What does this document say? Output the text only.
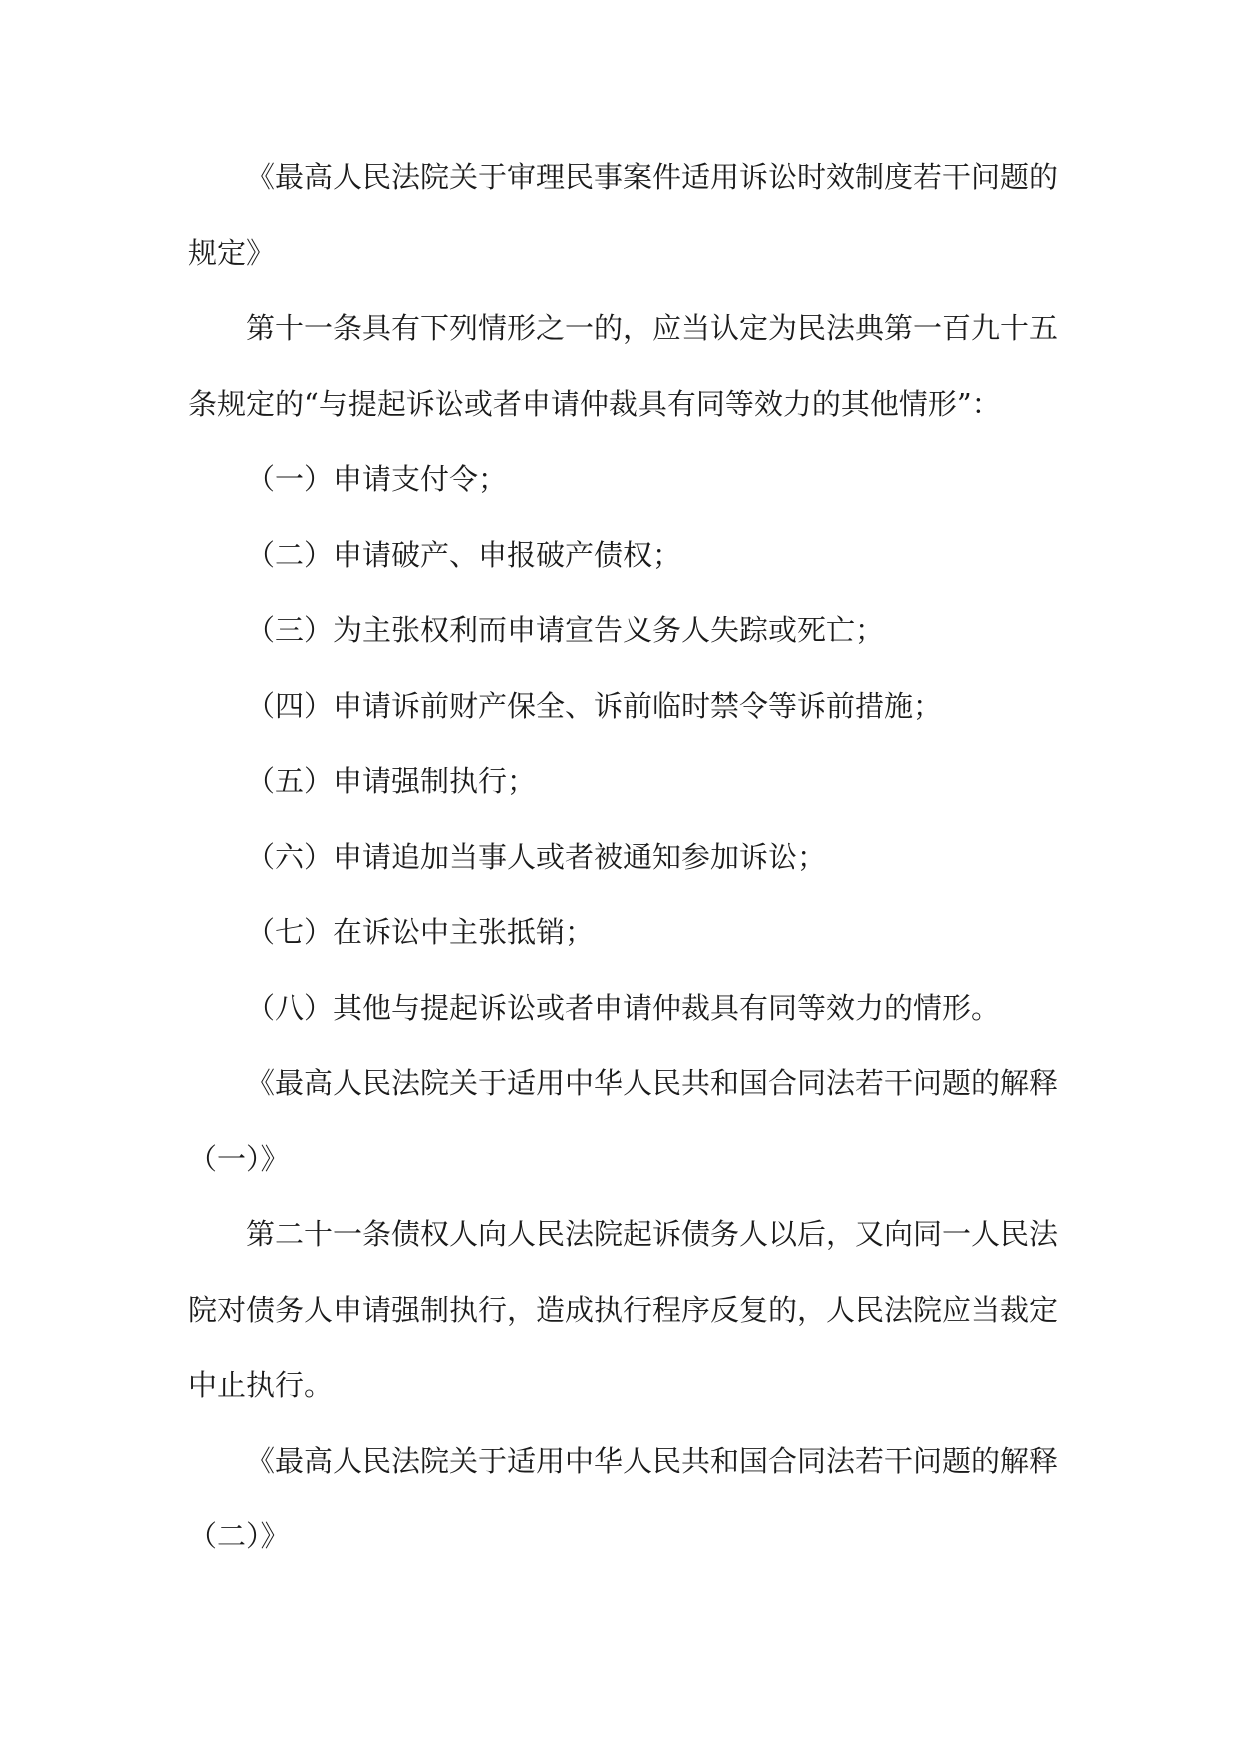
《最高人民法院关于审理民事案件适用诉讼时效制度若干问题的规定》

第十一条具有下列情形之一的，应当认定为民法典第一百九十五条规定的“与提起诉讼或者申请仲裁具有同等效力的其他情形”：

（一）申请支付令；

（二）申请破产、申报破产债权；

（三）为主张权利而申请宣告义务人失踪或死亡；

（四）申请诉前财产保全、诉前临时禁令等诉前措施；

（五）申请强制执行；

（六）申请追加当事人或者被通知参加诉讼；

（七）在诉讼中主张抵销；

（八）其他与提起诉讼或者申请仲裁具有同等效力的情形。

《最高人民法院关于适用中华人民共和国合同法若干问题的解释（一）》

第二十一条债权人向人民法院起诉债务人以后，又向同一人民法院对债务人申请强制执行，造成执行程序反复的，人民法院应当裁定中止执行。

《最高人民法院关于适用中华人民共和国合同法若干问题的解释（二）》
